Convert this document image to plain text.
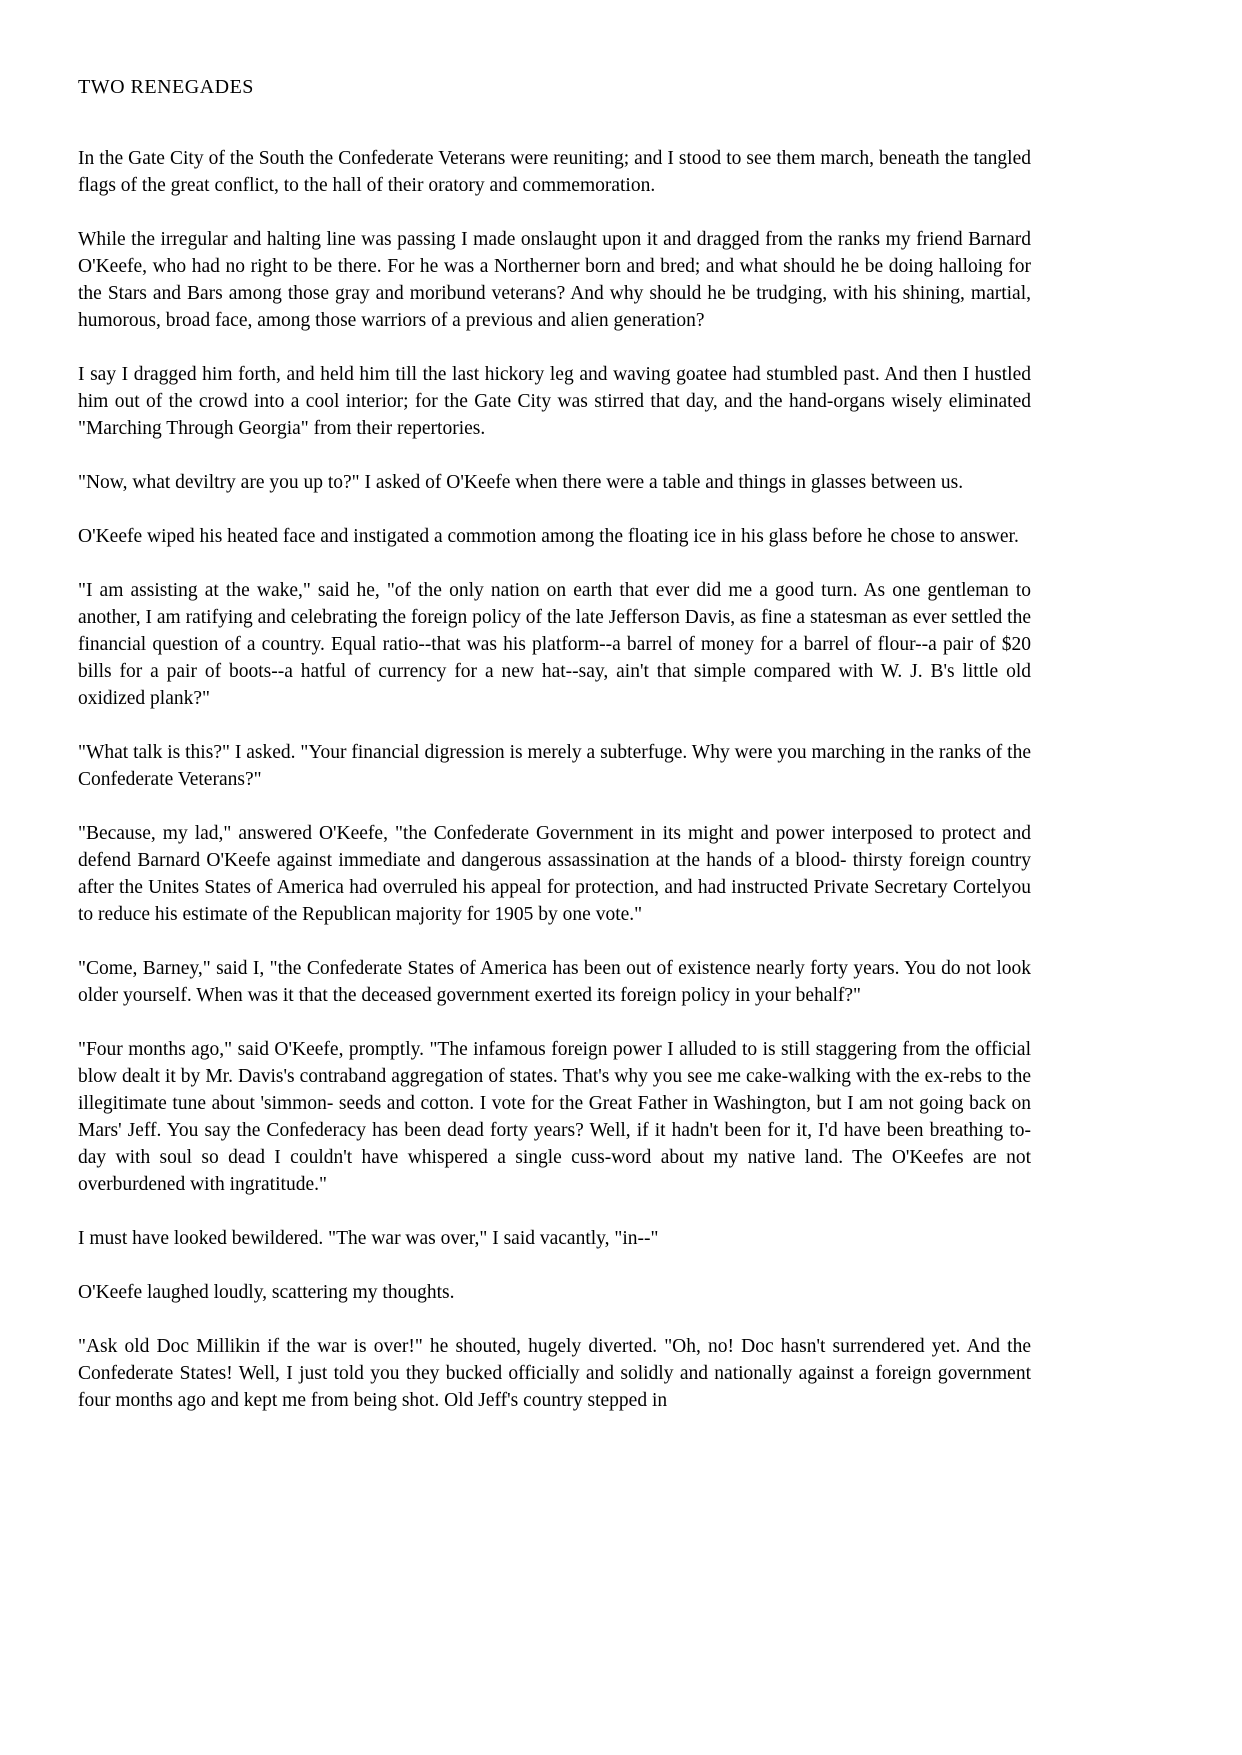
TWO RENEGADES

In the Gate City of the South the Confederate Veterans were reuniting; and I stood to see them march, beneath the tangled flags of the great conflict, to the hall of their oratory and commemoration.

While the irregular and halting line was passing I made onslaught upon it and dragged from the ranks my friend Barnard O'Keefe, who had no right to be there. For he was a Northerner born and bred; and what should he be doing halloing for the Stars and Bars among those gray and moribund veterans? And why should he be trudging, with his shining, martial, humorous, broad face, among those warriors of a previous and alien generation?

I say I dragged him forth, and held him till the last hickory leg and waving goatee had stumbled past. And then I hustled him out of the crowd into a cool interior; for the Gate City was stirred that day, and the hand-organs wisely eliminated "Marching Through Georgia" from their repertories.

"Now, what deviltry are you up to?" I asked of O'Keefe when there were a table and things in glasses between us.

O'Keefe wiped his heated face and instigated a commotion among the floating ice in his glass before he chose to answer.

"I am assisting at the wake," said he, "of the only nation on earth that ever did me a good turn. As one gentleman to another, I am ratifying and celebrating the foreign policy of the late Jefferson Davis, as fine a statesman as ever settled the financial question of a country. Equal ratio--that was his platform--a barrel of money for a barrel of flour--a pair of $20 bills for a pair of boots--a hatful of currency for a new hat--say, ain't that simple compared with W. J. B's little old oxidized plank?"

"What talk is this?" I asked. "Your financial digression is merely a subterfuge. Why were you marching in the ranks of the Confederate Veterans?"

"Because, my lad," answered O'Keefe, "the Confederate Government in its might and power interposed to protect and defend Barnard O'Keefe against immediate and dangerous assassination at the hands of a blood- thirsty foreign country after the Unites States of America had overruled his appeal for protection, and had instructed Private Secretary Cortelyou to reduce his estimate of the Republican majority for 1905 by one vote."

"Come, Barney," said I, "the Confederate States of America has been out of existence nearly forty years. You do not look older yourself. When was it that the deceased government exerted its foreign policy in your behalf?"

"Four months ago," said O'Keefe, promptly. "The infamous foreign power I alluded to is still staggering from the official blow dealt it by Mr. Davis's contraband aggregation of states. That's why you see me cake-walking with the ex-rebs to the illegitimate tune about 'simmon- seeds and cotton. I vote for the Great Father in Washington, but I am not going back on Mars' Jeff. You say the Confederacy has been dead forty years? Well, if it hadn't been for it, I'd have been breathing to-day with soul so dead I couldn't have whispered a single cuss-word about my native land. The O'Keefes are not overburdened with ingratitude."

I must have looked bewildered. "The war was over," I said vacantly, "in--"

O'Keefe laughed loudly, scattering my thoughts.

"Ask old Doc Millikin if the war is over!" he shouted, hugely diverted. "Oh, no! Doc hasn't surrendered yet. And the Confederate States! Well, I just told you they bucked officially and solidly and nationally against a foreign government four months ago and kept me from being shot. Old Jeff's country stepped in
